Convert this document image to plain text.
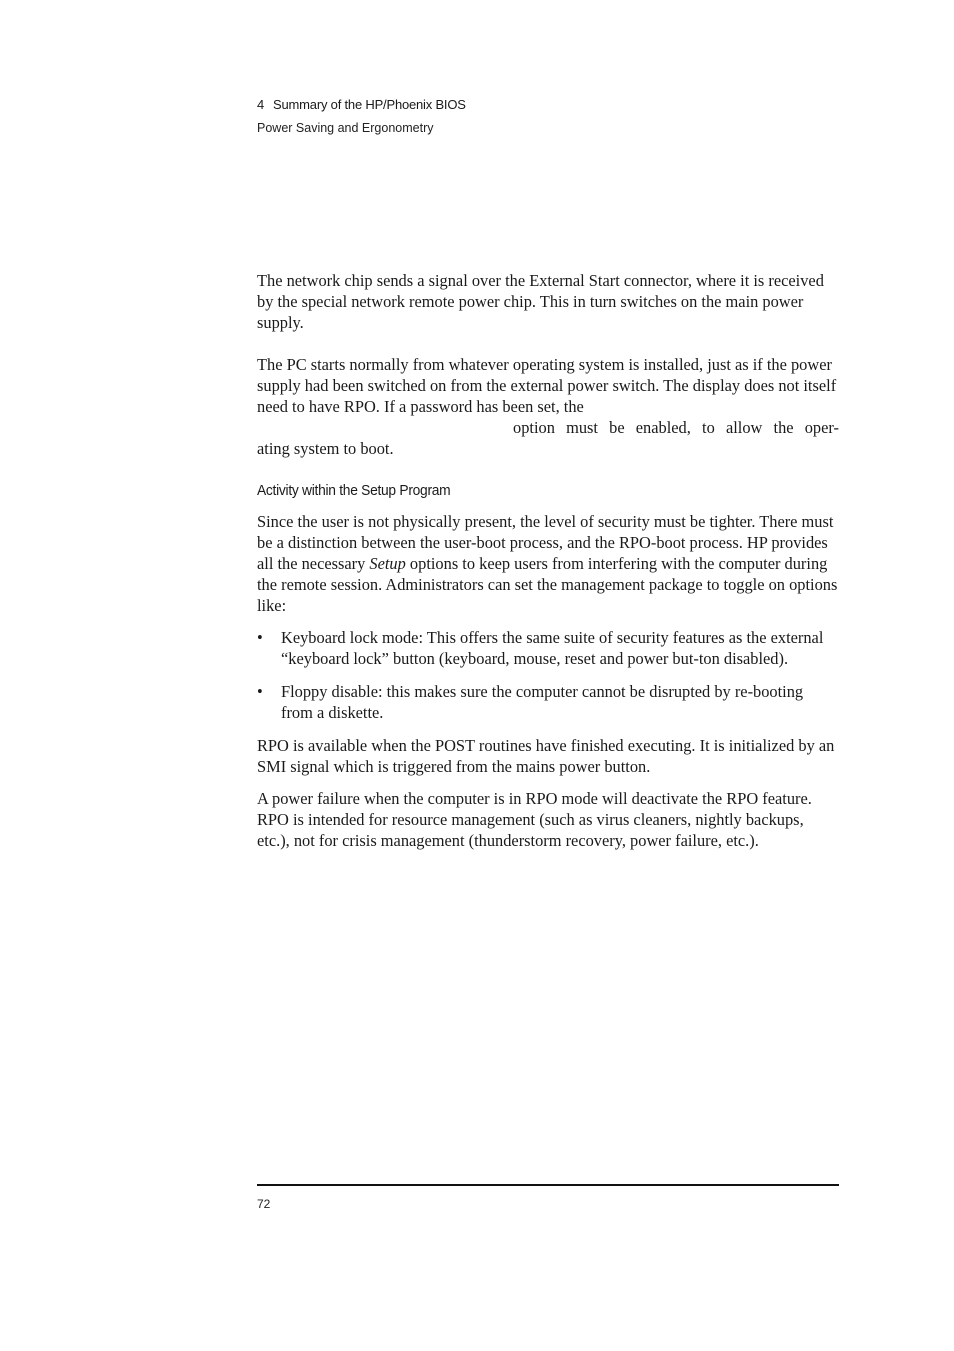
4 Summary of the HP/Phoenix BIOS
Power Saving and Ergonometry

The network chip sends a signal over the External Start connector, where it is received by the special network remote power chip. This in turn switches on the main power supply.

The PC starts normally from whatever operating system is installed, just as if the power supply had been switched on from the external power switch. The display does not itself need to have RPO. If a password has been set, the

option must be enabled, to allow the oper-

ating system to boot.

Activity within the Setup Program

Since the user is not physically present, the level of security must be tighter. There must be a distinction between the user-boot process, and the RPO-boot process. HP provides all the necessary Setup options to keep users from interfering with the computer during the remote session. Administrators can set the management package to toggle on options like:

• Keyboard lock mode: This offers the same suite of security features as the external “keyboard lock” button (keyboard, mouse, reset and power but-ton disabled).
• Floppy disable: this makes sure the computer cannot be disrupted by re-booting from a diskette.

RPO is available when the POST routines have finished executing. It is initialized by an SMI signal which is triggered from the mains power button.

A power failure when the computer is in RPO mode will deactivate the RPO feature. RPO is intended for resource management (such as virus cleaners, nightly backups, etc.), not for crisis management (thunderstorm recovery, power failure, etc.).

72
